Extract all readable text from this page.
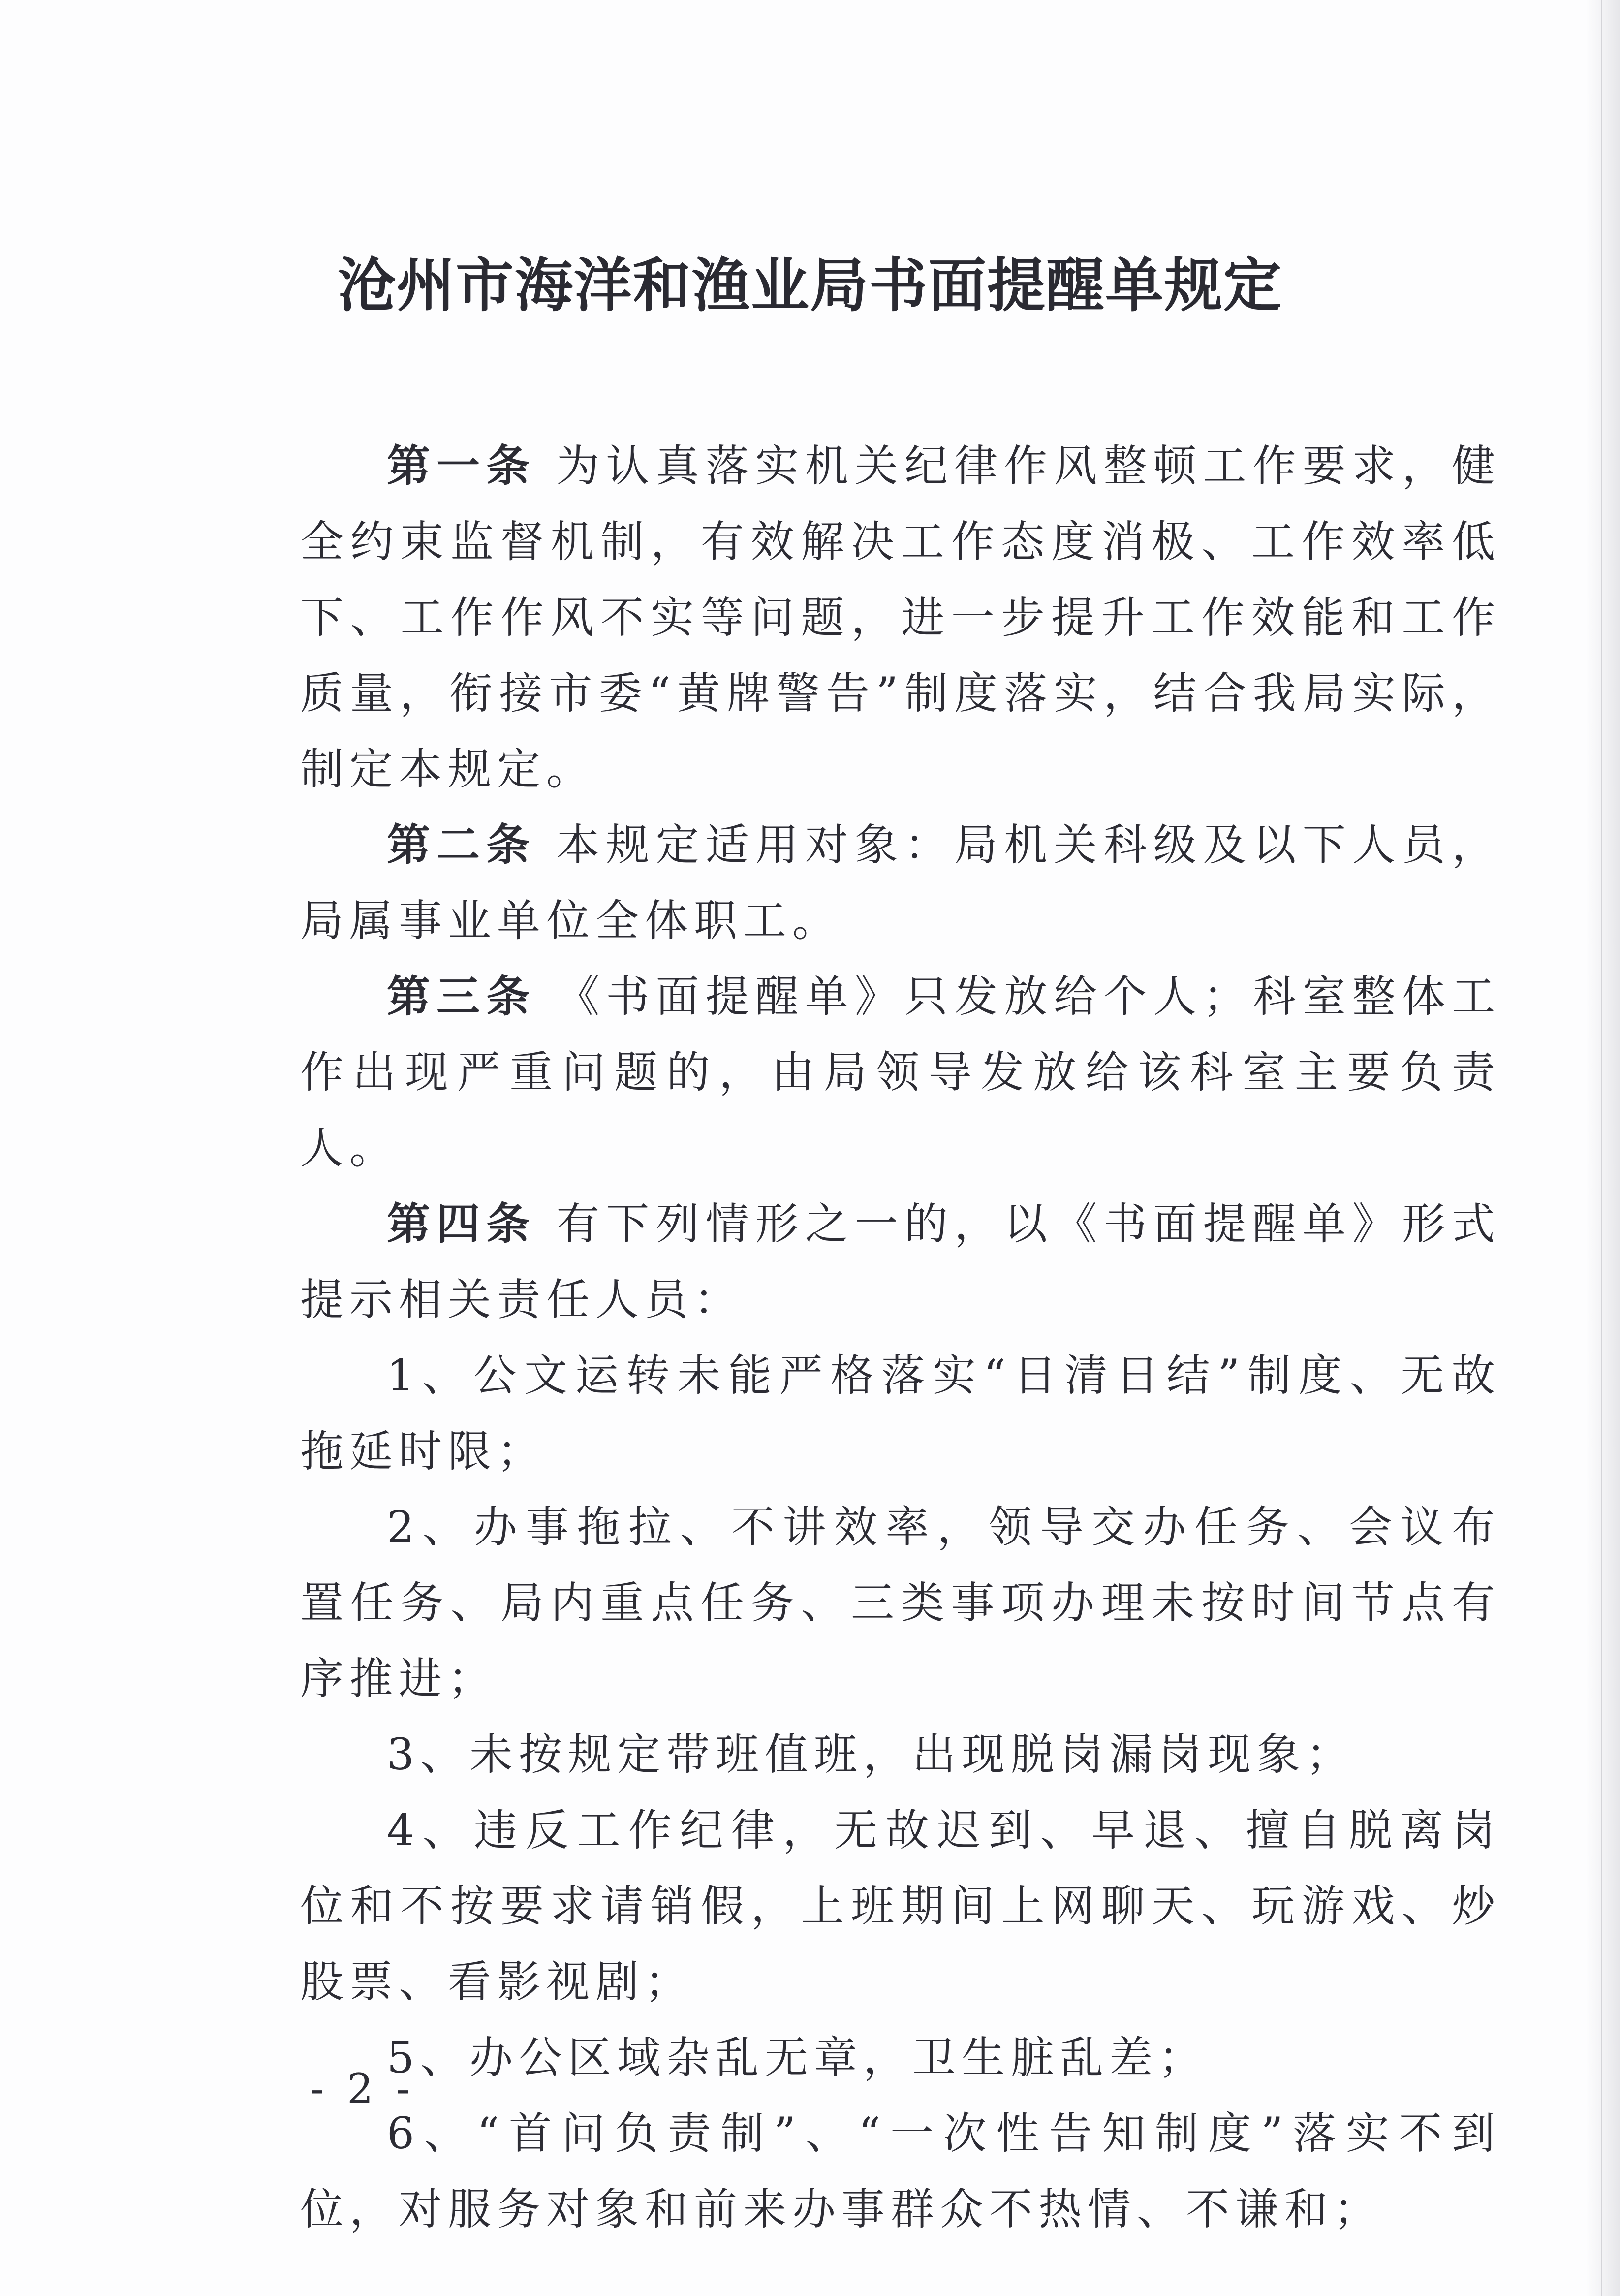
沧州市海洋和渔业局书面提醒单规定

第一条 为认真落实机关纪律作风整顿工作要求，健全约束监督机制，有效解决工作态度消极、工作效率低下、工作作风不实等问题，进一步提升工作效能和工作质量，衔接市委“黄牌警告”制度落实，结合我局实际，制定本规定。

第二条 本规定适用对象：局机关科级及以下人员，局属事业单位全体职工。

第三条 《书面提醒单》只发放给个人；科室整体工作出现严重问题的，由局领导发放给该科室主要负责人。

第四条 有下列情形之一的，以《书面提醒单》形式提示相关责任人员：

1、公文运转未能严格落实“日清日结”制度、无故拖延时限；

2、办事拖拉、不讲效率，领导交办任务、会议布置任务、局内重点任务、三类事项办理未按时间节点有序推进；

3、未按规定带班值班，出现脱岗漏岗现象；

4、违反工作纪律，无故迟到、早退、擅自脱离岗位和不按要求请销假，上班期间上网聊天、玩游戏、炒股票、看影视剧；

5、办公区域杂乱无章，卫生脏乱差；

6、“首问负责制”、“一次性告知制度”落实不到位，对服务对象和前来办事群众不热情、不谦和；

- 2 -
